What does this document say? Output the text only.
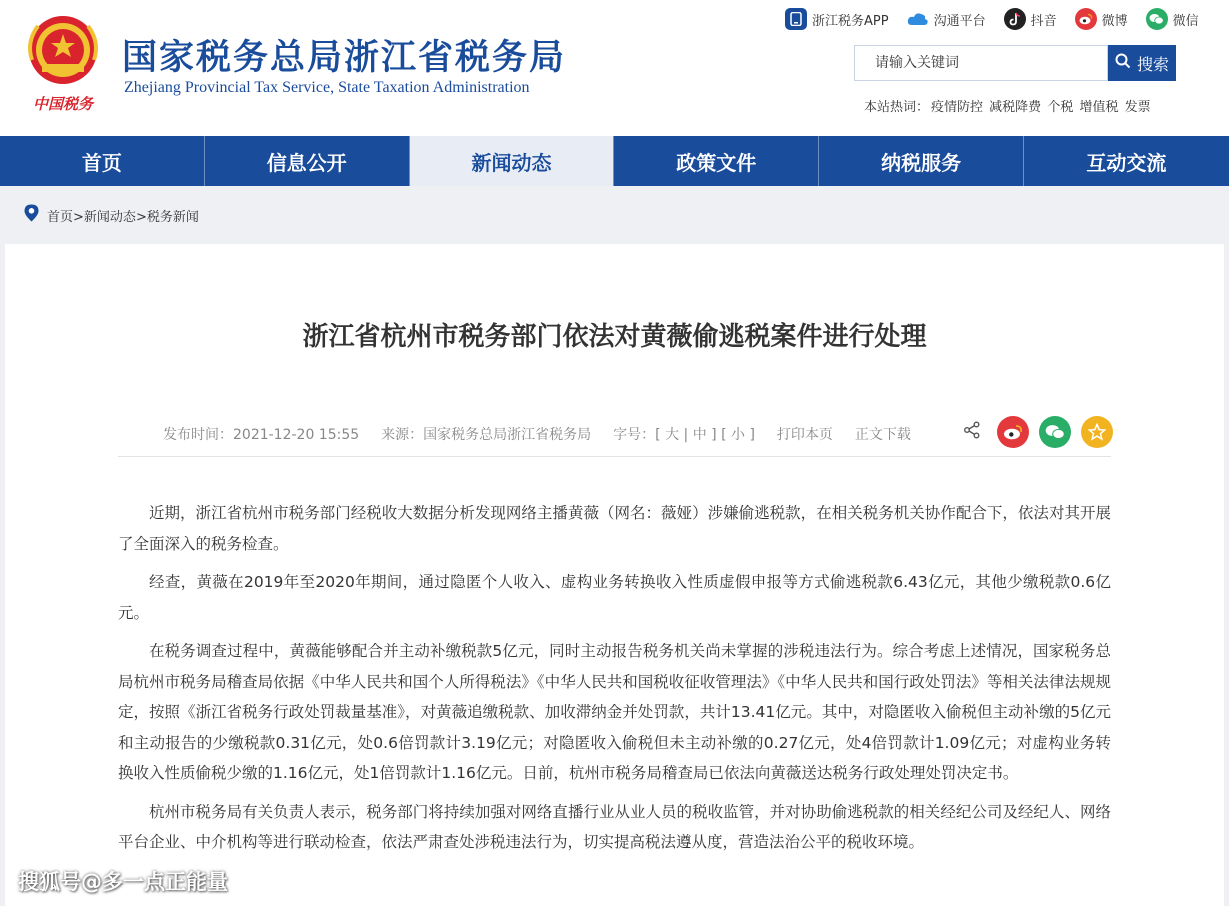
中国税务
国家税务总局浙江省税务局
Zhejiang Provincial Tax Service, State Taxation Administration
浙江税务APP	沟通平台	抖音	微博	微信
请输入关键词	搜索
本站热词： 疫情防控 减税降费 个税 增值税 发票
首页	信息公开	新闻动态	政策文件	纳税服务	互动交流
首页>新闻动态>税务新闻
浙江省杭州市税务部门依法对黄薇偷逃税案件进行处理
发布时间：2021-12-20 15:55 来源：国家税务总局浙江省税务局 字号：[ 大 | 中 ] [ 小 ] 打印本页 正文下载

近期，浙江省杭州市税务部门经税收大数据分析发现网络主播黄薇（网名：薇娅）涉嫌偷逃税款，在相关税务机关协作配合下，依法对其开展了全面深入的税务检查。

经查，黄薇在2019年至2020年期间，通过隐匿个人收入、虚构业务转换收入性质虚假申报等方式偷逃税款6.43亿元，其他少缴税款0.6亿元。

在税务调查过程中，黄薇能够配合并主动补缴税款5亿元，同时主动报告税务机关尚未掌握的涉税违法行为。综合考虑上述情况，国家税务总局杭州市税务局稽查局依据《中华人民共和国个人所得税法》《中华人民共和国税收征收管理法》《中华人民共和国行政处罚法》等相关法律法规规定，按照《浙江省税务行政处罚裁量基准》，对黄薇追缴税款、加收滞纳金并处罚款，共计13.41亿元。其中，对隐匿收入偷税但主动补缴的5亿元和主动报告的少缴税款0.31亿元，处0.6倍罚款计3.19亿元；对隐匿收入偷税但未主动补缴的0.27亿元，处4倍罚款计1.09亿元；对虚构业务转换收入性质偷税少缴的1.16亿元，处1倍罚款计1.16亿元。日前，杭州市税务局稽查局已依法向黄薇送达税务行政处理处罚决定书。

杭州市税务局有关负责人表示，税务部门将持续加强对网络直播行业从业人员的税收监管，并对协助偷逃税款的相关经纪公司及经纪人、网络平台企业、中介机构等进行联动检查，依法严肃查处涉税违法行为，切实提高税法遵从度，营造法治公平的税收环境。

搜狐号@多一点正能量
